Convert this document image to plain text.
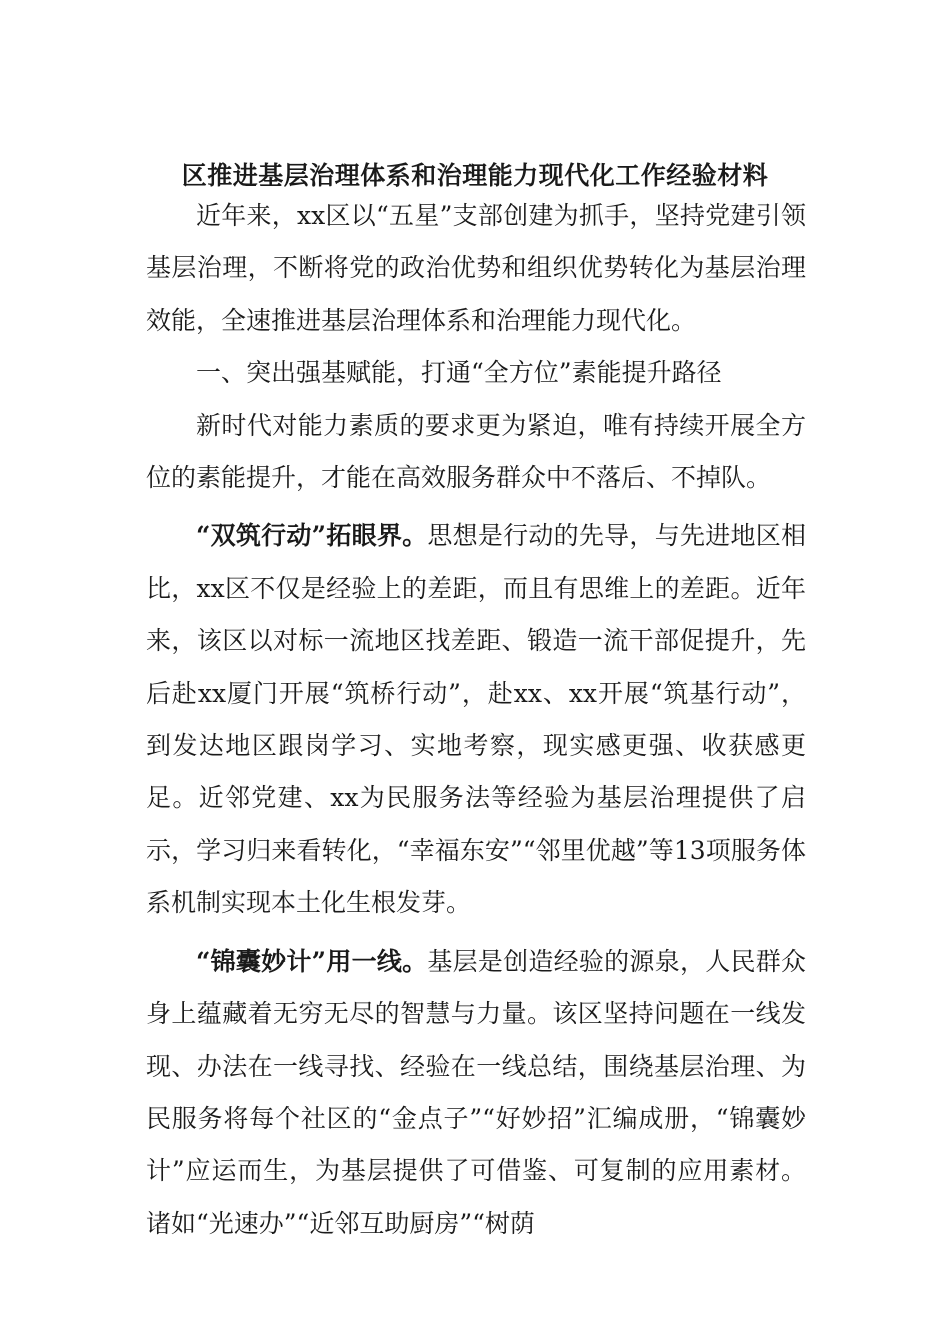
区推进基层治理体系和治理能力现代化工作经验材料

近年来，xx区以“五星”支部创建为抓手，坚持党建引领基层治理，不断将党的政治优势和组织优势转化为基层治理效能，全速推进基层治理体系和治理能力现代化。

一、突出强基赋能，打通“全方位”素能提升路径

新时代对能力素质的要求更为紧迫，唯有持续开展全方位的素能提升，才能在高效服务群众中不落后、不掉队。

“双筑行动”拓眼界。思想是行动的先导，与先进地区相比，xx区不仅是经验上的差距，而且有思维上的差距。近年来，该区以对标一流地区找差距、锻造一流干部促提升，先后赴xx厦门开展“筑桥行动”，赴xx、xx开展“筑基行动”，到发达地区跟岗学习、实地考察，现实感更强、收获感更足。近邻党建、xx为民服务法等经验为基层治理提供了启示，学习归来看转化，“幸福东安”“邻里优越”等13项服务体系机制实现本土化生根发芽。

“锦囊妙计”用一线。基层是创造经验的源泉，人民群众身上蕴藏着无穷无尽的智慧与力量。该区坚持问题在一线发现、办法在一线寻找、经验在一线总结，围绕基层治理、为民服务将每个社区的“金点子”“好妙招”汇编成册，“锦囊妙计”应运而生，为基层提供了可借鉴、可复制的应用素材。诸如“光速办”“近邻互助厨房”“树荫
